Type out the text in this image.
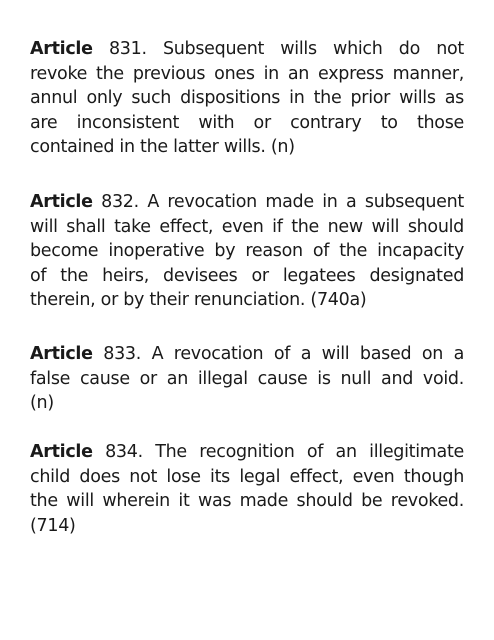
Article 831. Subsequent wills which do not
revoke the previous ones in an express manner,
annul only such dispositions in the prior wills as
are inconsistent with or contrary to those
contained in the latter wills. (n)
Article 832. A revocation made in a subsequent
will shall take effect, even if the new will should
become inoperative by reason of the incapacity
of the heirs, devisees or legatees designated
therein, or by their renunciation. (740a)
Article 833. A revocation of a will based on a
false cause or an illegal cause is null and void.
(n)
Article 834. The recognition of an illegitimate
child does not lose its legal effect, even though
the will wherein it was made should be revoked.
(714)
